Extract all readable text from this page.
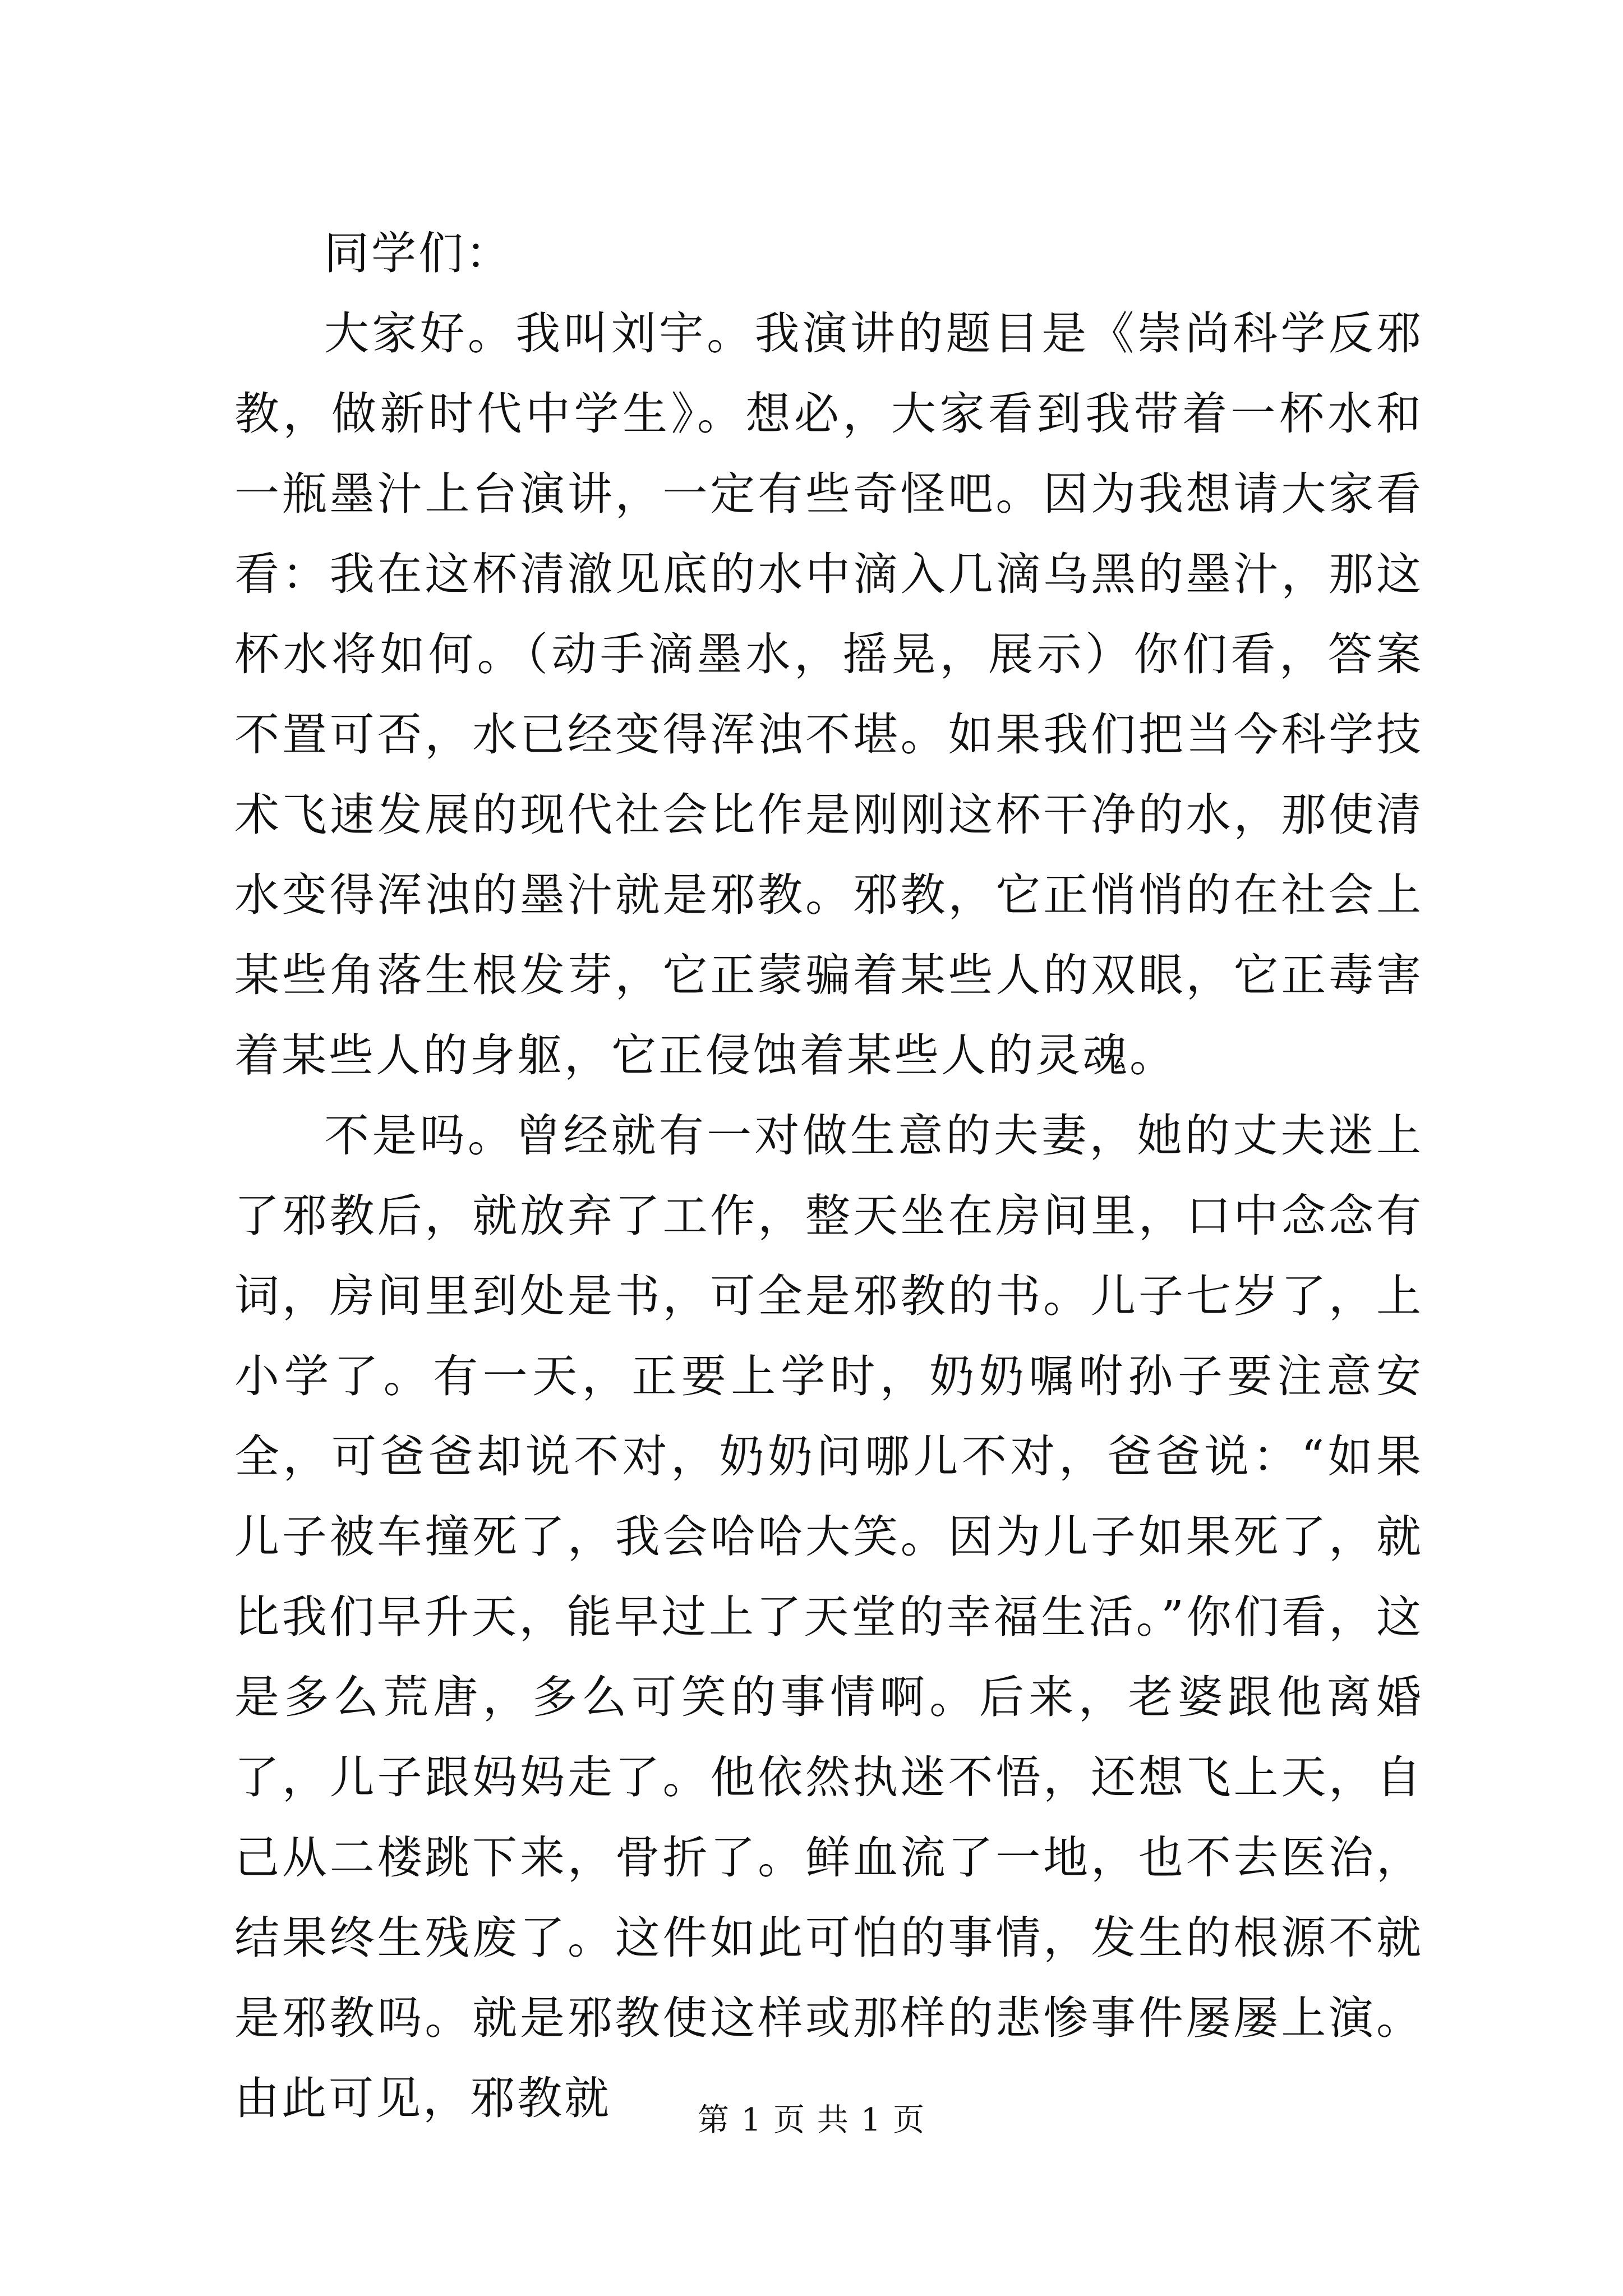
同学们：

大家好。我叫刘宇。我演讲的题目是《崇尚科学反邪教，做新时代中学生》。想必，大家看到我带着一杯水和一瓶墨汁上台演讲，一定有些奇怪吧。因为我想请大家看看：我在这杯清澈见底的水中滴入几滴乌黑的墨汁，那这杯水将如何。（动手滴墨水，摇晃，展示）你们看，答案不置可否，水已经变得浑浊不堪。如果我们把当今科学技术飞速发展的现代社会比作是刚刚这杯干净的水，那使清水变得浑浊的墨汁就是邪教。邪教，它正悄悄的在社会上某些角落生根发芽，它正蒙骗着某些人的双眼，它正毒害着某些人的身躯，它正侵蚀着某些人的灵魂。

不是吗。曾经就有一对做生意的夫妻，她的丈夫迷上了邪教后，就放弃了工作，整天坐在房间里，口中念念有词，房间里到处是书，可全是邪教的书。儿子七岁了，上小学了。有一天，正要上学时，奶奶嘱咐孙子要注意安全，可爸爸却说不对，奶奶问哪儿不对，爸爸说：“如果儿子被车撞死了，我会哈哈大笑。因为儿子如果死了，就比我们早升天，能早过上了天堂的幸福生活。”你们看，这是多么荒唐，多么可笑的事情啊。后来，老婆跟他离婚了，儿子跟妈妈走了。他依然执迷不悟，还想飞上天，自己从二楼跳下来，骨折了。鲜血流了一地，也不去医治，结果终生残废了。这件如此可怕的事情，发生的根源不就是邪教吗。就是邪教使这样或那样的悲惨事件屡屡上演。由此可见，邪教就	第 1 页 共 1 页
